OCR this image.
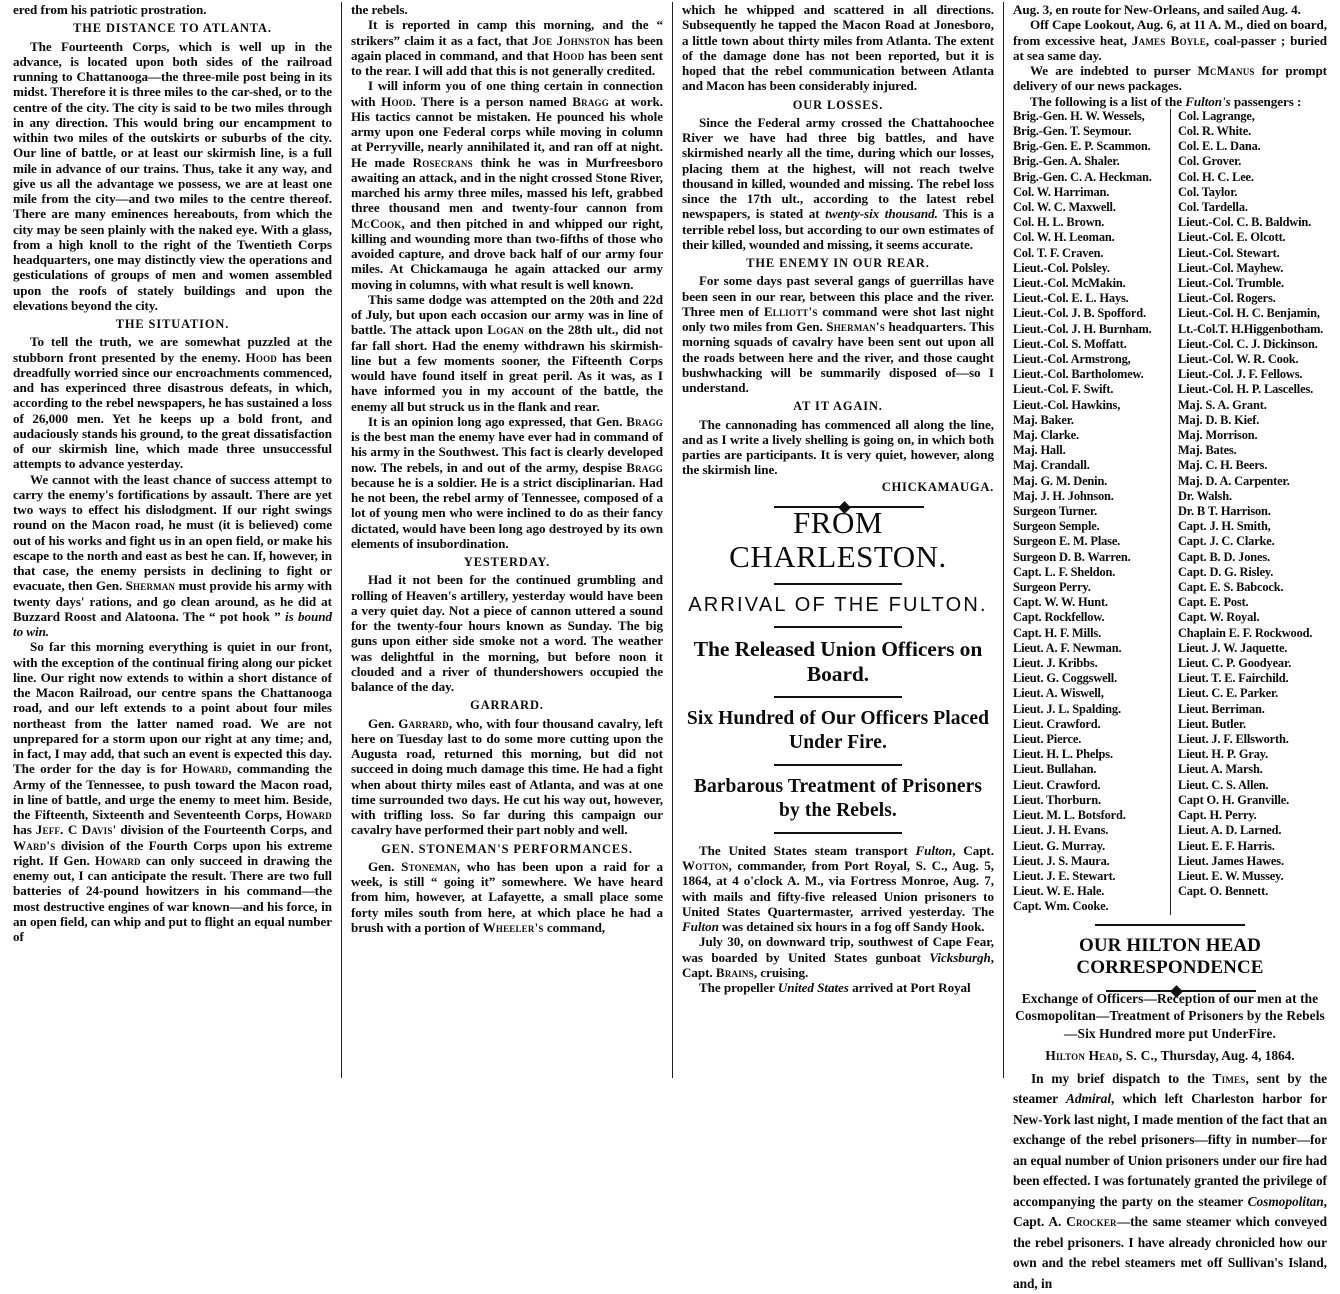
ered from his patriotic prostration.

THE DISTANCE TO ATLANTA.

The Fourteenth Corps, which is well up in the advance, is located upon both sides of the railroad running to Chattanooga—the three-mile post being in its midst. Therefore it is three miles to the car-shed, or to the centre of the city. The city is said to be two miles through in any direction. This would bring our encampment to within two miles of the outskirts or suburbs of the city. Our line of battle, or at least our skirmish line, is a full mile in advance of our trains. Thus, take it any way, and give us all the advantage we possess, we are at least one mile from the city—and two miles to the centre thereof. There are many eminences hereabouts, from which the city may be seen plainly with the naked eye. With a glass, from a high knoll to the right of the Twentieth Corps headquarters, one may distinctly view the operations and gesticulations of groups of men and women assembled upon the roofs of stately buildings and upon the elevations beyond the city.

THE SITUATION.

To tell the truth, we are somewhat puzzled at the stubborn front presented by the enemy. Hood has been dreadfully worried since our encroachments commenced, and has experinced three disastrous defeats, in which, according to the rebel newspapers, he has sustained a loss of 26,000 men. Yet he keeps up a bold front, and audaciously stands his ground, to the great dissatisfaction of our skirmish line, which made three unsuccessful attempts to advance yesterday.

We cannot with the least chance of success attempt to carry the enemy's fortifications by assault. There are yet two ways to effect his dislodgment. If our right swings round on the Macon road, he must (it is believed) come out of his works and fight us in an open field, or make his escape to the north and east as best he can. If, however, in that case, the enemy persists in declining to fight or evacuate, then Gen. Sherman must provide his army with twenty days' rations, and go clean around, as he did at Buzzard Roost and Alatoona. The “ pot hook ” is bound to win.

So far this morning everything is quiet in our front, with the exception of the continual firing along our picket line. Our right now extends to within a short distance of the Macon Railroad, our centre spans the Chattanooga road, and our left extends to a point about four miles northeast from the latter named road. We are not unprepared for a storm upon our right at any time; and, in fact, I may add, that such an event is expected this day. The order for the day is for Howard, commanding the Army of the Tennessee, to push toward the Macon road, in line of battle, and urge the enemy to meet him. Beside, the Fifteenth, Sixteenth and Seventeenth Corps, Howard has Jeff. C Davis' division of the Fourteenth Corps, and Ward's division of the Fourth Corps upon his extreme right. If Gen. Howard can only succeed in drawing the enemy out, I can anticipate the result. There are two full batteries of 24-pound howitzers in his command—the most destructive engines of war known—and his force, in an open field, can whip and put to flight an equal number of

the rebels.

It is reported in camp this morning, and the “ strikers” claim it as a fact, that Joe Johnston has been again placed in command, and that Hood has been sent to the rear. I will add that this is not generally credited.

I will inform you of one thing certain in connection with Hood. There is a person named Bragg at work. His tactics cannot be mistaken. He pounced his whole army upon one Federal corps while moving in column at Perryville, nearly annihilated it, and ran off at night. He made Rosecrans think he was in Murfreesboro awaiting an attack, and in the night crossed Stone River, marched his army three miles, massed his left, grabbed three thousand men and twenty-four cannon from McCook, and then pitched in and whipped our right, killing and wounding more than two-fifths of those who avoided capture, and drove back half of our army four miles. At Chickamauga he again attacked our army moving in columns, with what result is well known.

This same dodge was attempted on the 20th and 22d of July, but upon each occasion our army was in line of battle. The attack upon Logan on the 28th ult., did not far fall short. Had the enemy withdrawn his skirmish-line but a few moments sooner, the Fifteenth Corps would have found itself in great peril. As it was, as I have informed you in my account of the battle, the enemy all but struck us in the flank and rear.

It is an opinion long ago expressed, that Gen. Bragg is the best man the enemy have ever had in command of his army in the Southwest. This fact is clearly developed now. The rebels, in and out of the army, despise Bragg because he is a soldier. He is a strict disciplinarian. Had he not been, the rebel army of Tennessee, composed of a lot of young men who were inclined to do as their fancy dictated, would have been long ago destroyed by its own elements of insubordination.

YESTERDAY.

Had it not been for the continued grumbling and rolling of Heaven's artillery, yesterday would have been a very quiet day. Not a piece of cannon uttered a sound for the twenty-four hours known as Sunday. The big guns upon either side smoke not a word. The weather was delightful in the morning, but before noon it clouded and a river of thundershowers occupied the balance of the day.

GARRARD.

Gen. Garrard, who, with four thousand cavalry, left here on Tuesday last to do some more cutting upon the Augusta road, returned this morning, but did not succeed in doing much damage this time. He had a fight when about thirty miles east of Atlanta, and was at one time surrounded two days. He cut his way out, however, with trifling loss. So far during this campaign our cavalry have performed their part nobly and well.

GEN. STONEMAN'S PERFORMANCES.

Gen. Stoneman, who has been upon a raid for a week, is still “ going it” somewhere. We have heard from him, however, at Lafayette, a small place some forty miles south from here, at which place he had a brush with a portion of Wheeler's command,

which he whipped and scattered in all directions. Subsequently he tapped the Macon Road at Jonesboro, a little town about thirty miles from Atlanta. The extent of the damage done has not been reported, but it is hoped that the rebel communication between Atlanta and Macon has been considerably injured.

OUR LOSSES.

Since the Federal army crossed the Chattahoochee River we have had three big battles, and have skirmished nearly all the time, during which our losses, placing them at the highest, will not reach twelve thousand in killed, wounded and missing. The rebel loss since the 17th ult., according to the latest rebel newspapers, is stated at twenty-six thousand. This is a terrible rebel loss, but according to our own estimates of their killed, wounded and missing, it seems accurate.

THE ENEMY IN OUR REAR.

For some days past several gangs of guerrillas have been seen in our rear, between this place and the river. Three men of Elliott's command were shot last night only two miles from Gen. Sherman's headquarters. This morning squads of cavalry have been sent out upon all the roads between here and the river, and those caught bushwhacking will be summarily disposed of—so I understand.

AT IT AGAIN.

The cannonading has commenced all along the line, and as I write a lively shelling is going on, in which both parties are participants. It is very quiet, however, along the skirmish line.

CHICKAMAUGA.

FROM CHARLESTON.
ARRIVAL OF THE FULTON.
The Released Union Officers on Board.
Six Hundred of Our Officers Placed Under Fire.
Barbarous Treatment of Prisoners by the Rebels.

The United States steam transport Fulton, Capt. Wotton, commander, from Port Royal, S. C., Aug. 5, 1864, at 4 o'clock A. M., via Fortress Monroe, Aug. 7, with mails and fifty-five released Union prisoners to United States Quartermaster, arrived yesterday. The Fulton was detained six hours in a fog off Sandy Hook.

July 30, on downward trip, southwest of Cape Fear, was boarded by United States gunboat Vicksburgh, Capt. Brains, cruising.

The propeller United States arrived at Port Royal

Aug. 3, en route for New-Orleans, and sailed Aug. 4.

Off Cape Lookout, Aug. 6, at 11 A. M., died on board, from excessive heat, James Boyle, coal-passer ; buried at sea same day.

We are indebted to purser McManus for prompt delivery of our news packages.

The following is a list of the Fulton's passengers :

Brig.-Gen. H. W. Wessels,
Brig.-Gen. T. Seymour.
Brig.-Gen. E. P. Scammon.
Brig.-Gen. A. Shaler.
Brig.-Gen. C. A. Heckman.
Col. W. Harriman.
Col. W. C. Maxwell.
Col. H. L. Brown.
Col. W. H. Leoman.
Col. T. F. Craven.
Lieut.-Col. Polsley.
Lieut.-Col. McMakin.
Lieut.-Col. E. L. Hays.
Lieut.-Col. J. B. Spofford.
Lieut.-Col. J. H. Burnham.
Lieut.-Col. S. Moffatt.
Lieut.-Col. Armstrong,
Lieut.-Col. Bartholomew.
Lieut.-Col. F. Swift.
Lieut.-Col. Hawkins,
Maj. Baker.
Maj. Clarke.
Maj. Hall.
Maj. Crandall.
Maj. G. M. Denin.
Maj. J. H. Johnson.
Surgeon Turner.
Surgeon Semple.
Surgeon E. M. Plase.
Surgeon D. B. Warren.
Capt. L. F. Sheldon.
Surgeon Perry.
Capt. W. W. Hunt.
Capt. Rockfellow.
Capt. H. F. Mills.
Lieut. A. F. Newman.
Lieut. J. Kribbs.
Lieut. G. Coggswell.
Lieut. A. Wiswell,
Lieut. J. L. Spalding.
Lieut. Crawford.
Lieut. Pierce.
Lieut. H. L. Phelps.
Lieut. Bullahan.
Lieut. Crawford.
Lieut. Thorburn.
Lieut. M. L. Botsford.
Lieut. J. H. Evans.
Lieut. G. Murray.
Lieut. J. S. Maura.
Lieut. J. E. Stewart.
Lieut. W. E. Hale.
Capt. Wm. Cooke.
Col. Lagrange,
Col. R. White.
Col. E. L. Dana.
Col. Grover.
Col. H. C. Lee.
Col. Taylor.
Col. Tardella.
Lieut.-Col. C. B. Baldwin.
Lieut.-Col. E. Olcott.
Lieut.-Col. Stewart.
Lieut.-Col. Mayhew.
Lieut.-Col. Trumble.
Lieut.-Col. Rogers.
Lieut.-Col. H. C. Benjamin,
Lt.-Col.T. H.Higgenbotham.
Lieut.-Col. C. J. Dickinson.
Lieut.-Col. W. R. Cook.
Lieut.-Col. J. F. Fellows.
Lieut.-Col. H. P. Lascelles.
Maj. S. A. Grant.
Maj. D. B. Kief.
Maj. Morrison.
Maj. Bates.
Maj. C. H. Beers.
Maj. D. A. Carpenter.
Dr. Walsh.
Dr. B T. Harrison.
Capt. J. H. Smith,
Capt. J. C. Clarke.
Capt. B. D. Jones.
Capt. D. G. Risley.
Capt. E. S. Babcock.
Capt. E. Post.
Capt. W. Royal.
Chaplain E. F. Rockwood.
Lieut. J. W. Jaquette.
Lieut. C. P. Goodyear.
Lieut. T. E. Fairchild.
Lieut. C. E. Parker.
Lieut. Berriman.
Lieut. Butler.
Lieut. J. F. Ellsworth.
Lieut. H. P. Gray.
Lieut. A. Marsh.
Lieut. C. S. Allen.
Capt O. H. Granville.
Capt. H. Perry.
Lieut. A. D. Larned.
Lieut. E. F. Harris.
Lieut. James Hawes.
Lieut. E. W. Mussey.
Capt. O. Bennett.
OUR HILTON HEAD CORRESPONDENCE
Exchange of Officers—Reception of our men at the Cosmopolitan—Treatment of Prisoners by the Rebels—Six Hundred more put UnderFire.

Hilton Head, S. C., Thursday, Aug. 4, 1864.

In my brief dispatch to the Times, sent by the steamer Admiral, which left Charleston harbor for New-York last night, I made mention of the fact that an exchange of the rebel prisoners—fifty in number—for an equal number of Union prisoners under our fire had been effected. I was fortunately granted the privilege of accompanying the party on the steamer Cosmopolitan, Capt. A. Crocker—the same steamer which conveyed the rebel prisoners. I have already chronicled how our own and the rebel steamers met off Sullivan's Island, and, in
